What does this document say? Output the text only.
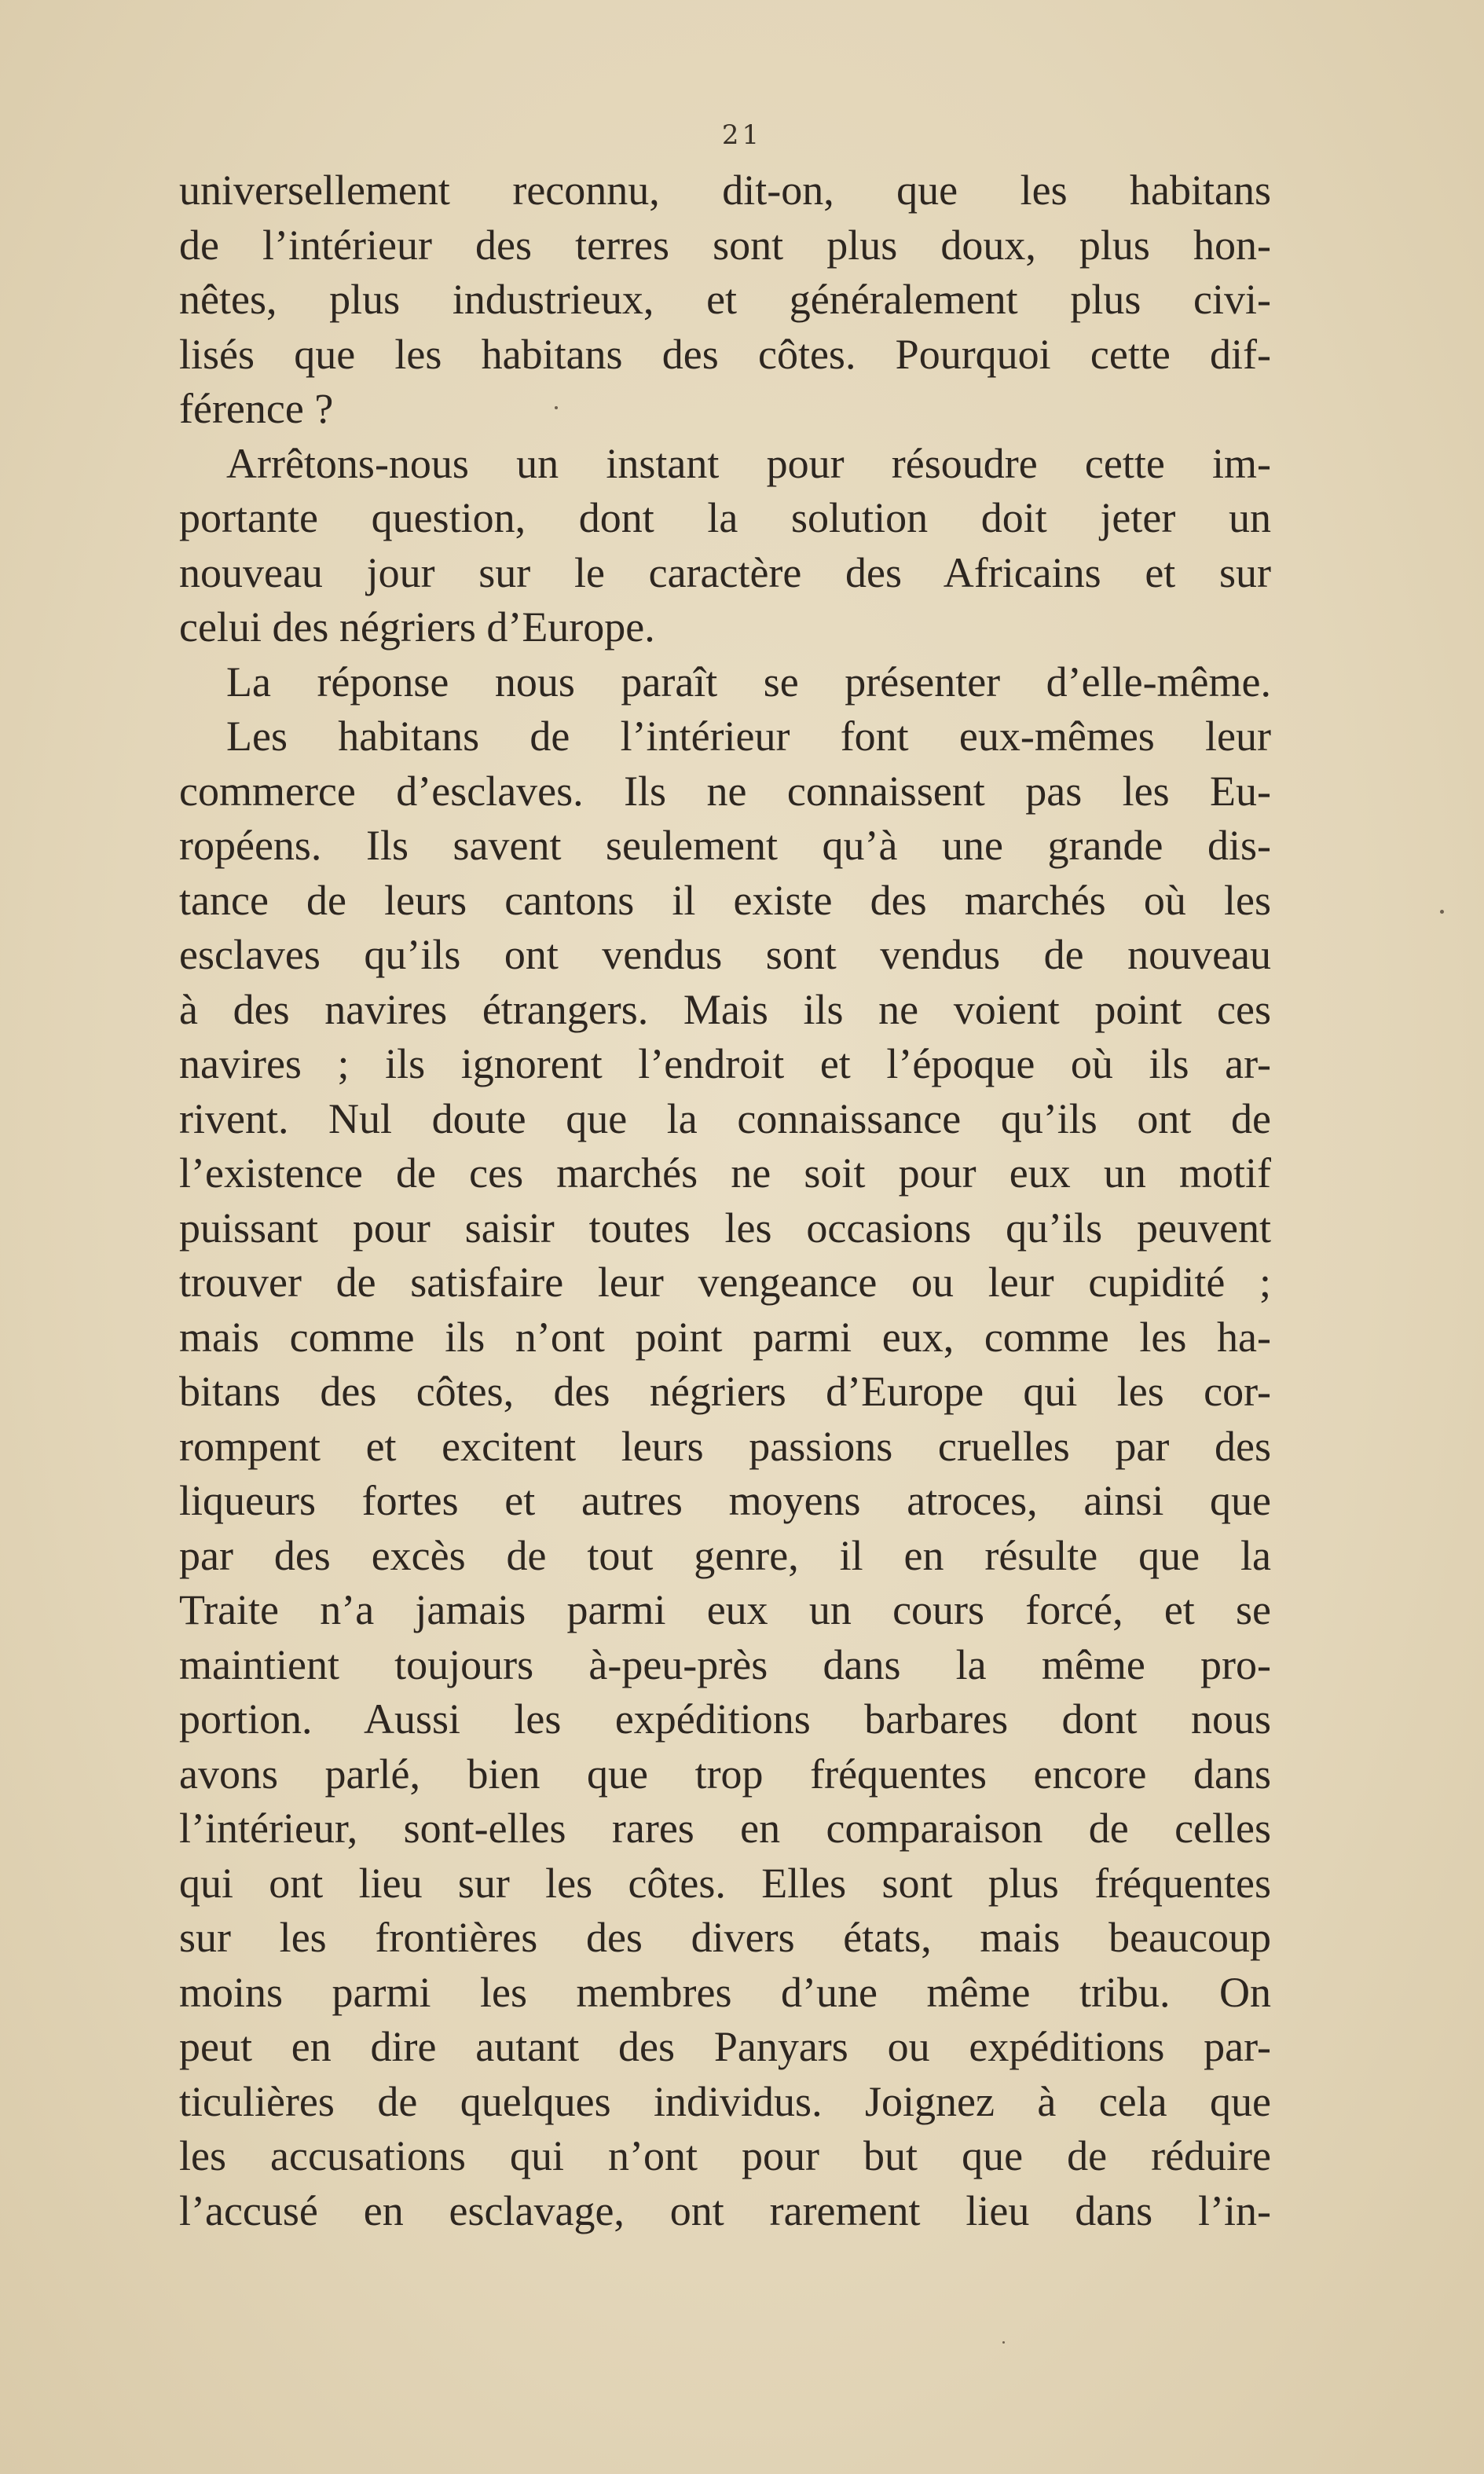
21
universellement reconnu, dit-on, que les habitans
de l’intérieur des terres sont plus doux, plus hon-
nêtes, plus industrieux, et généralement plus civi-
lisés que les habitans des côtes. Pourquoi cette dif-
férence ?
Arrêtons-nous un instant pour résoudre cette im-
portante question, dont la solution doit jeter un
nouveau jour sur le caractère des Africains et sur
celui des négriers d’Europe.
La réponse nous paraît se présenter d’elle-même.
Les habitans de l’intérieur font eux-mêmes leur
commerce d’esclaves. Ils ne connaissent pas les Eu-
ropéens. Ils savent seulement qu’à une grande dis-
tance de leurs cantons il existe des marchés où les
esclaves qu’ils ont vendus sont vendus de nouveau
à des navires étrangers. Mais ils ne voient point ces
navires ; ils ignorent l’endroit et l’époque où ils ar-
rivent. Nul doute que la connaissance qu’ils ont de
l’existence de ces marchés ne soit pour eux un motif
puissant pour saisir toutes les occasions qu’ils peuvent
trouver de satisfaire leur vengeance ou leur cupidité ;
mais comme ils n’ont point parmi eux, comme les ha-
bitans des côtes, des négriers d’Europe qui les cor-
rompent et excitent leurs passions cruelles par des
liqueurs fortes et autres moyens atroces, ainsi que
par des excès de tout genre, il en résulte que la
Traite n’a jamais parmi eux un cours forcé, et se
maintient toujours à-peu-près dans la même pro-
portion. Aussi les expéditions barbares dont nous
avons parlé, bien que trop fréquentes encore dans
l’intérieur, sont-elles rares en comparaison de celles
qui ont lieu sur les côtes. Elles sont plus fréquentes
sur les frontières des divers états, mais beaucoup
moins parmi les membres d’une même tribu. On
peut en dire autant des Panyars ou expéditions par-
ticulières de quelques individus. Joignez à cela que
les accusations qui n’ont pour but que de réduire
l’accusé en esclavage, ont rarement lieu dans l’in-
